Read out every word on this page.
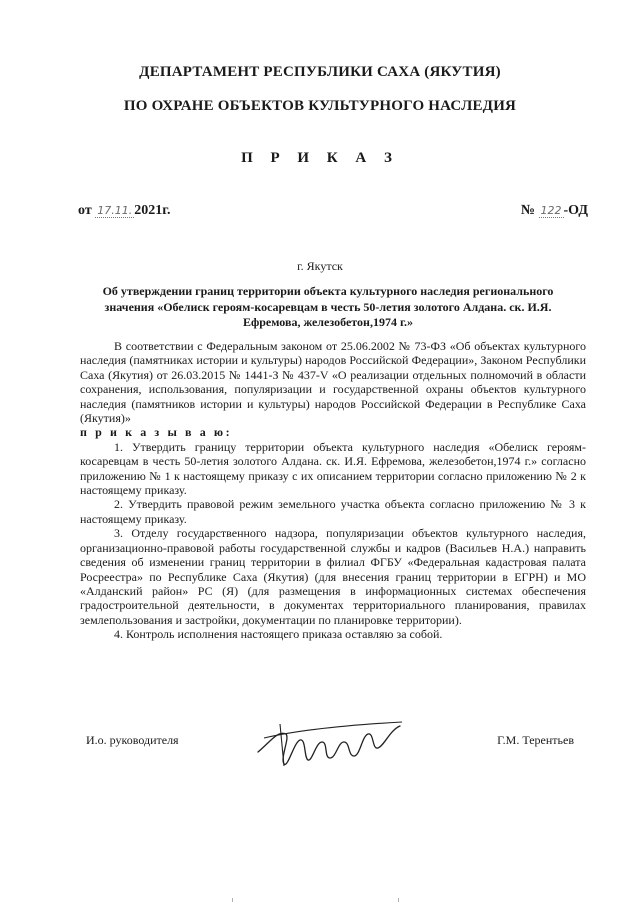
ДЕПАРТАМЕНТ РЕСПУБЛИКИ САХА (ЯКУТИЯ)
ПО ОХРАНЕ ОБЪЕКТОВ КУЛЬТУРНОГО НАСЛЕДИЯ
П Р И К А З
от 17.11. 2021г.	№ 122 -ОД
г. Якутск
Об утверждении границ территории объекта культурного наследия регионального значения «Обелиск героям-косаревцам в честь 50-летия золотого Алдана. ск. И.Я. Ефремова, железобетон,1974 г.»

В соответствии с Федеральным законом от 25.06.2002 № 73-ФЗ «Об объектах культурного наследия (памятниках истории и культуры) народов Российской Федерации», Законом Республики Саха (Якутия) от 26.03.2015 № 1441-З № 437-V «О реализации отдельных полномочий в области сохранения, использования, популяризации и государственной охраны объектов культурного наследия (памятников истории и культуры) народов Российской Федерации в Республике Саха (Якутия)»

п р и к а з ы в а ю:

1. Утвердить границу территории объекта культурного наследия «Обелиск героям-косаревцам в честь 50-летия золотого Алдана. ск. И.Я. Ефремова, железобетон,1974 г.» согласно приложению № 1 к настоящему приказу с их описанием территории согласно приложению № 2 к настоящему приказу.

2. Утвердить правовой режим земельного участка объекта согласно приложению № 3 к настоящему приказу.

3. Отделу государственного надзора, популяризации объектов культурного наследия, организационно-правовой работы государственной службы и кадров (Васильев Н.А.) направить сведения об изменении границ территории в филиал ФГБУ «Федеральная кадастровая палата Росреестра» по Республике Саха (Якутия) (для внесения границ территории в ЕГРН) и МО «Алданский район» РС (Я) (для размещения в информационных системах обеспечения градостроительной деятельности, в документах территориального планирования, правилах землепользования и застройки, документации по планировке территории).

4. Контроль исполнения настоящего приказа оставляю за собой.

И.о. руководителя	Г.М. Терентьев
